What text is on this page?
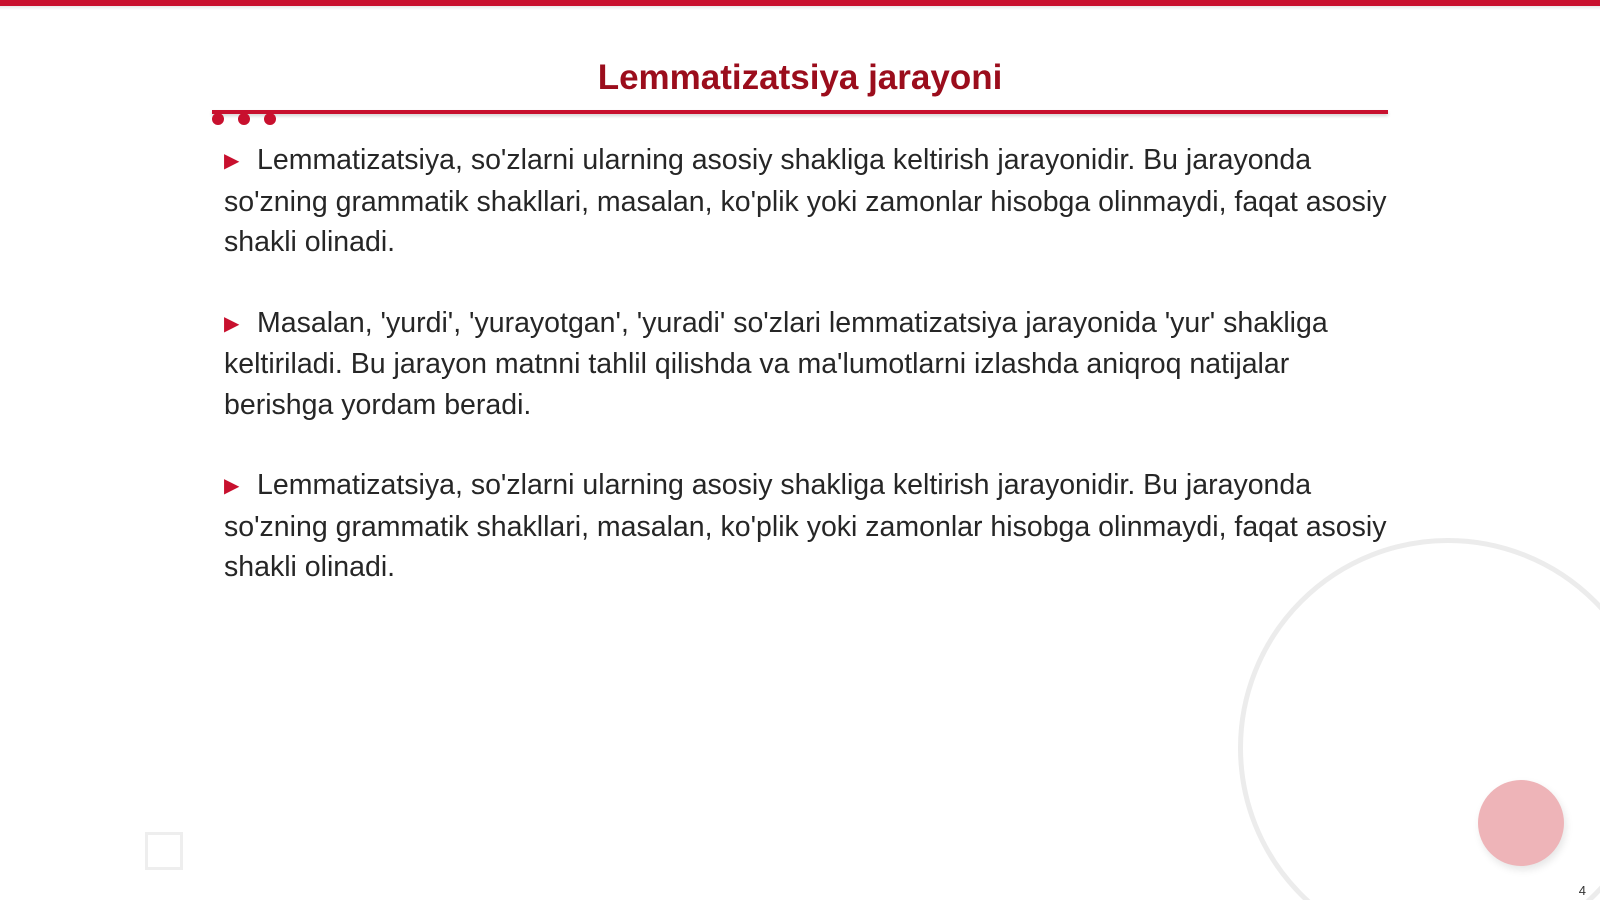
Lemmatizatsiya jarayoni

▶ Lemmatizatsiya, so'zlarni ularning asosiy shakliga keltirish jarayonidir. Bu jarayonda so'zning grammatik shakllari, masalan, ko'plik yoki zamonlar hisobga olinmaydi, faqat asosiy shakli olinadi.

▶ Masalan, 'yurdi', 'yurayotgan', 'yuradi' so'zlari lemmatizatsiya jarayonida 'yur' shakliga keltiriladi. Bu jarayon matnni tahlil qilishda va ma'lumotlarni izlashda aniqroq natijalar berishga yordam beradi.

▶ Lemmatizatsiya, so'zlarni ularning asosiy shakliga keltirish jarayonidir. Bu jarayonda so'zning grammatik shakllari, masalan, ko'plik yoki zamonlar hisobga olinmaydi, faqat asosiy shakli olinadi.

4
